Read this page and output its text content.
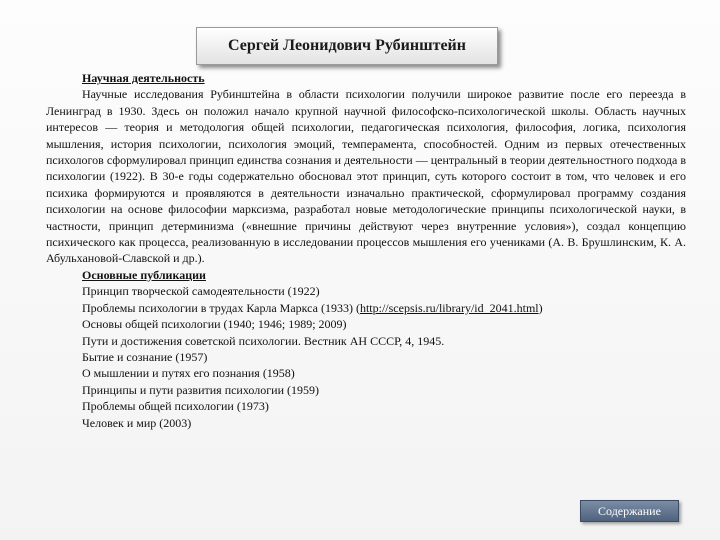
Сергей Леонидович Рубинштейн
Научная деятельность

Научные исследования Рубинштейна в области психологии получили широкое развитие после его переезда в Ленинград в 1930. Здесь он положил начало крупной научной философско-психологической школы. Область научных интересов — теория и методология общей психологии, педагогическая психология, философия, логика, психология мышления, история психологии, психология эмоций, темперамента, способностей. Одним из первых отечественных психологов сформулировал принцип единства сознания и деятельности — центральный в теории деятельностного подхода в психологии (1922). В 30-е годы содержательно обосновал этот принцип, суть которого состоит в том, что человек и его психика формируются и проявляются в деятельности изначально практической, сформулировал программу создания психологии на основе философии марксизма, разработал новые методологические принципы психологической науки, в частности, принцип детерминизма («внешние причины действуют через внутренние условия»), создал концепцию психического как процесса, реализованную в исследовании процессов мышления его учениками (А. В. Брушлинским, К. А. Абульхановой-Славской и др.).

Основные публикации
Принцип творческой самодеятельности (1922)
Проблемы психологии в трудах Карла Маркса (1933) (http://scepsis.ru/library/id_2041.html)
Основы общей психологии (1940; 1946; 1989; 2009)
Пути и достижения советской психологии. Вестник АН СССР, 4, 1945.
Бытие и сознание (1957)
О мышлении и путях его познания (1958)
Принципы и пути развития психологии (1959)
Проблемы общей психологии (1973)
Человек и мир (2003)
Содержание
